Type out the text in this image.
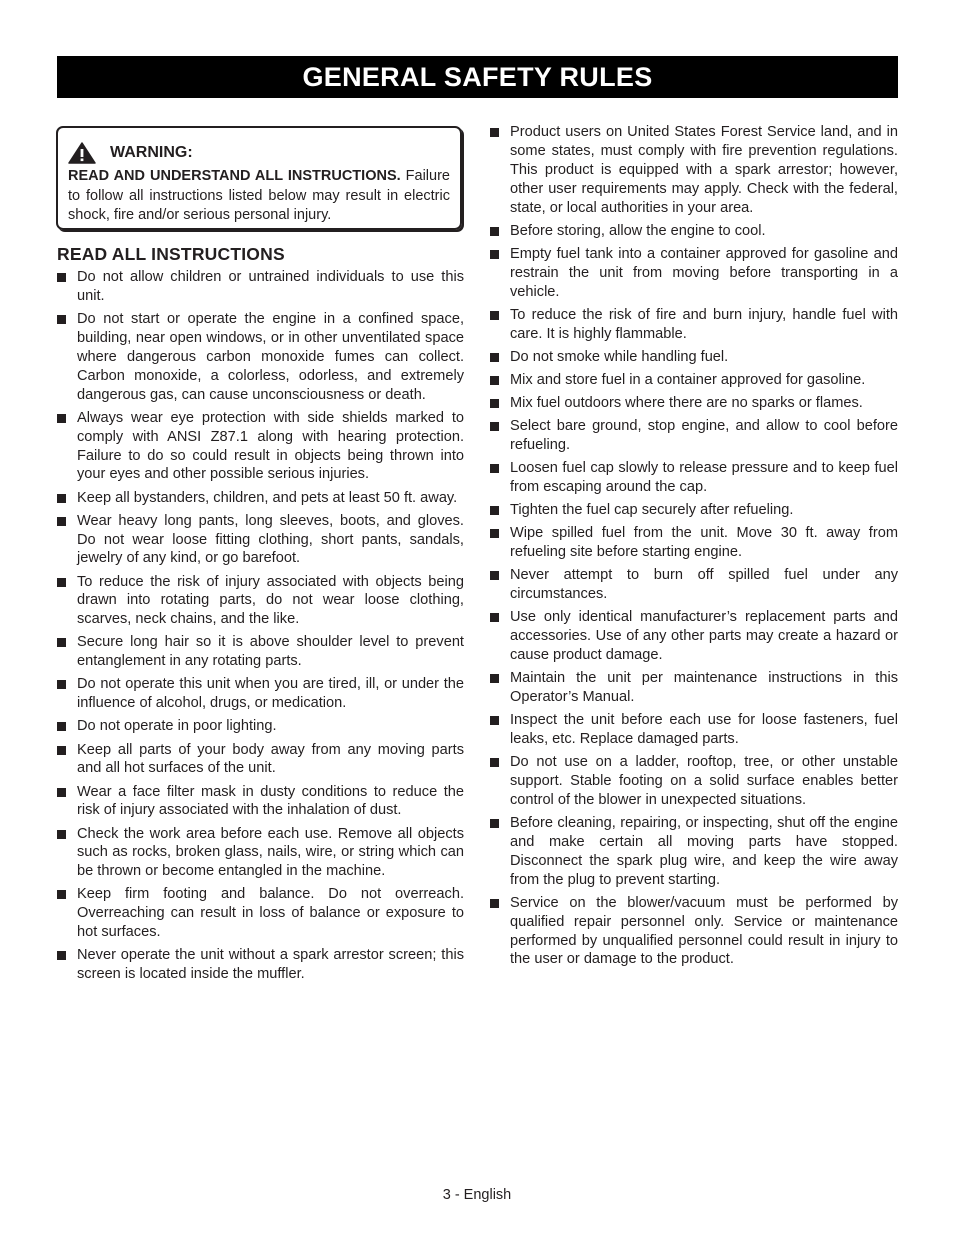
GENERAL SAFETY RULES
WARNING:
READ AND UNDERSTAND ALL INSTRUCTIONS. Failure to follow all instructions listed below may result in electric shock, fire and/or serious personal injury.
READ ALL INSTRUCTIONS
Do not allow children or untrained individuals to use this unit.
Do not start or operate the engine in a confined space, building, near open windows, or in other unventilated space where dangerous carbon monoxide fumes can collect. Carbon monoxide, a colorless, odorless, and extremely dangerous gas, can cause unconsciousness or death.
Always wear eye protection with side shields marked to comply with ANSI Z87.1 along with hearing protection. Failure to do so could result in objects being thrown into your eyes and other possible serious injuries.
Keep all bystanders, children, and pets at least 50 ft. away.
Wear heavy long pants, long sleeves, boots, and gloves. Do not wear loose fitting clothing, short pants, sandals, jewelry of any kind, or go barefoot.
To reduce the risk of injury associated with objects being drawn into rotating parts, do not wear loose clothing, scarves, neck chains, and the like.
Secure long hair so it is above shoulder level to prevent entanglement in any rotating parts.
Do not operate this unit when you are tired, ill, or under the influence of alcohol, drugs, or medication.
Do not operate in poor lighting.
Keep all parts of your body away from any moving parts and all hot surfaces of the unit.
Wear a face filter mask in dusty conditions to reduce the risk of injury associated with the inhalation of dust.
Check the work area before each use. Remove all objects such as rocks, broken glass, nails, wire, or string which can be thrown or become entangled in the machine.
Keep firm footing and balance. Do not overreach. Overreaching can result in loss of balance or exposure to hot surfaces.
Never operate the unit without a spark arrestor screen; this screen is located inside the muffler.
Product users on United States Forest Service land, and in some states, must comply with fire prevention regulations. This product is equipped with a spark arrestor; however, other user requirements may apply. Check with the federal, state, or local authorities in your area.
Before storing, allow the engine to cool.
Empty fuel tank into a container approved for gasoline and restrain the unit from moving before transporting in a vehicle.
To reduce the risk of fire and burn injury, handle fuel with care. It is highly flammable.
Do not smoke while handling fuel.
Mix and store fuel in a container approved for gasoline.
Mix fuel outdoors where there are no sparks or flames.
Select bare ground, stop engine, and allow to cool before refueling.
Loosen fuel cap slowly to release pressure and to keep fuel from escaping around the cap.
Tighten the fuel cap securely after refueling.
Wipe spilled fuel from the unit. Move 30 ft. away from refueling site before starting engine.
Never attempt to burn off spilled fuel under any circumstances.
Use only identical manufacturer’s replacement parts and accessories. Use of any other parts may create a hazard or cause product damage.
Maintain the unit per maintenance instructions in this Operator’s Manual.
Inspect the unit before each use for loose fasteners, fuel leaks, etc. Replace damaged parts.
Do not use on a ladder, rooftop, tree, or other unstable support. Stable footing on a solid surface enables better control of the blower in unexpected situations.
Before cleaning, repairing, or inspecting, shut off the engine and make certain all moving parts have stopped. Disconnect the spark plug wire, and keep the wire away from the plug to prevent starting.
Service on the blower/vacuum must be performed by qualified repair personnel only. Service or maintenance performed by unqualified personnel could result in injury to the user or damage to the product.
3 - English
